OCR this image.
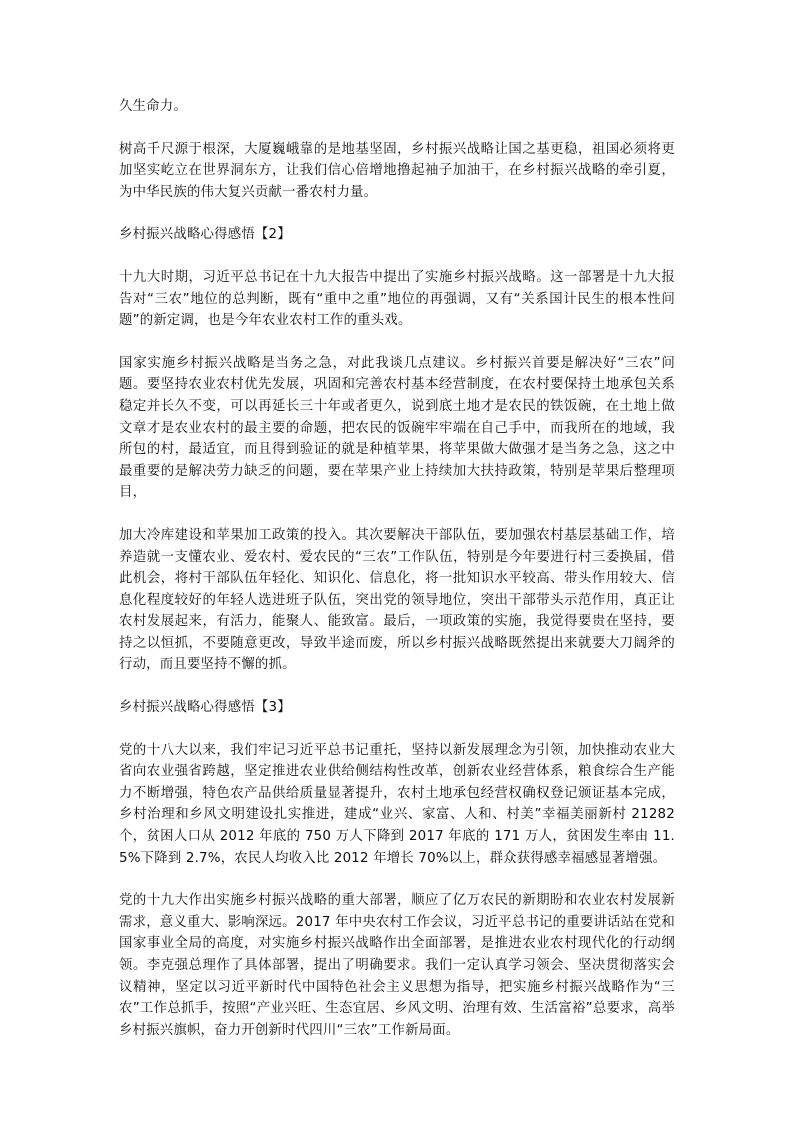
久生命力。

树高千尺源于根深，大厦巍峨靠的是地基坚固，乡村振兴战略让国之基更稳，祖国必须将更加坚实屹立在世界洞东方，让我们信心倍增地撸起袖子加油干，在乡村振兴战略的牵引夏，为中华民族的伟大复兴贡献一番农村力量。

乡村振兴战略心得感悟【2】

十九大时期，习近平总书记在十九大报告中提出了实施乡村振兴战略。这一部署是十九大报告对“三农”地位的总判断，既有“重中之重”地位的再强调，又有“关系国计民生的根本性问题”的新定调，也是今年农业农村工作的重头戏。

国家实施乡村振兴战略是当务之急，对此我谈几点建议。乡村振兴首要是解决好“三农”问题。要坚持农业农村优先发展，巩固和完善农村基本经营制度，在农村要保持土地承包关系稳定并长久不变，可以再延长三十年或者更久，说到底土地才是农民的铁饭碗，在土地上做文章才是农业农村的最主要的命题，把农民的饭碗牢牢端在自己手中，而我所在的地域，我所包的村，最适宜，而且得到验证的就是种植苹果，将苹果做大做强才是当务之急，这之中最重要的是解决劳力缺乏的问题，要在苹果产业上持续加大扶持政策，特别是苹果后整理项目，

加大冷库建设和苹果加工政策的投入。其次要解决干部队伍，要加强农村基层基础工作，培养造就一支懂农业、爱农村、爱农民的“三农”工作队伍，特别是今年要进行村三委换届，借此机会，将村干部队伍年轻化、知识化、信息化，将一批知识水平较高、带头作用较大、信息化程度较好的年轻人选进班子队伍，突出党的领导地位，突出干部带头示范作用，真正让农村发展起来，有活力，能聚人、能致富。最后，一项政策的实施，我觉得要贵在坚持，要持之以恒抓，不要随意更改，导致半途而废，所以乡村振兴战略既然提出来就要大刀阔斧的行动，而且要坚持不懈的抓。

乡村振兴战略心得感悟【3】

党的十八大以来，我们牢记习近平总书记重托，坚持以新发展理念为引领，加快推动农业大省向农业强省跨越，坚定推进农业供给侧结构性改革，创新农业经营体系，粮食综合生产能力不断增强，特色农产品供给质量显著提升，农村土地承包经营权确权登记颁证基本完成，乡村治理和乡风文明建设扎实推进，建成“业兴、家富、人和、村美”幸福美丽新村 21282 个，贫困人口从 2012 年底的 750 万人下降到 2017 年底的 171 万人，贫困发生率由 11.5%下降到 2.7%，农民人均收入比 2012 年增长 70%以上，群众获得感幸福感显著增强。

党的十九大作出实施乡村振兴战略的重大部署，顺应了亿万农民的新期盼和农业农村发展新需求，意义重大、影响深远。2017 年中央农村工作会议，习近平总书记的重要讲话站在党和国家事业全局的高度，对实施乡村振兴战略作出全面部署，是推进农业农村现代化的行动纲领。李克强总理作了具体部署，提出了明确要求。我们一定认真学习领会、坚决贯彻落实会议精神，坚定以习近平新时代中国特色社会主义思想为指导，把实施乡村振兴战略作为“三农”工作总抓手，按照“产业兴旺、生态宜居、乡风文明、治理有效、生活富裕”总要求，高举乡村振兴旗帜，奋力开创新时代四川“三农”工作新局面。
